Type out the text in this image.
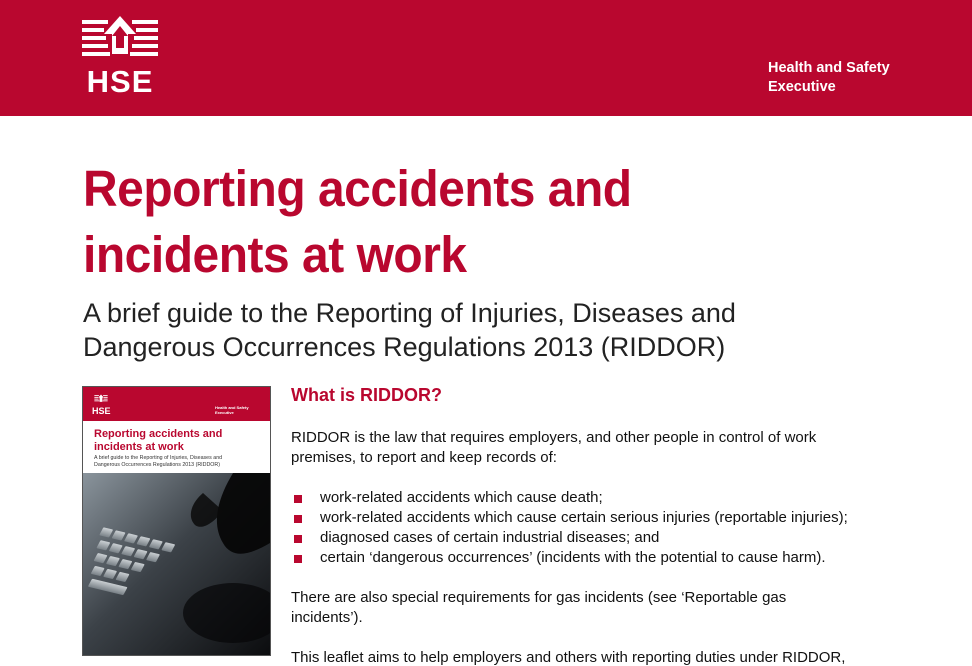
HSE	Health and Safety
Executive
Reporting accidents and
incidents at work
A brief guide to the Reporting of Injuries, Diseases and
Dangerous Occurrences Regulations 2013 (RIDDOR)
HSE	Health and Safety Executive
Reporting accidents and
incidents at work
A brief guide to the Reporting of Injuries, Diseases and
Dangerous Occurrences Regulations 2013 (RIDDOR)
What is RIDDOR?

RIDDOR is the law that requires employers, and other people in control of work
premises, to report and keep records of:

work-related accidents which cause death;
work-related accidents which cause certain serious injuries (reportable injuries);
diagnosed cases of certain industrial diseases; and
certain ‘dangerous occurrences’ (incidents with the potential to cause harm).

There are also special requirements for gas incidents (see ‘Reportable gas
incidents’).

This leaflet aims to help employers and others with reporting duties under RIDDOR,
